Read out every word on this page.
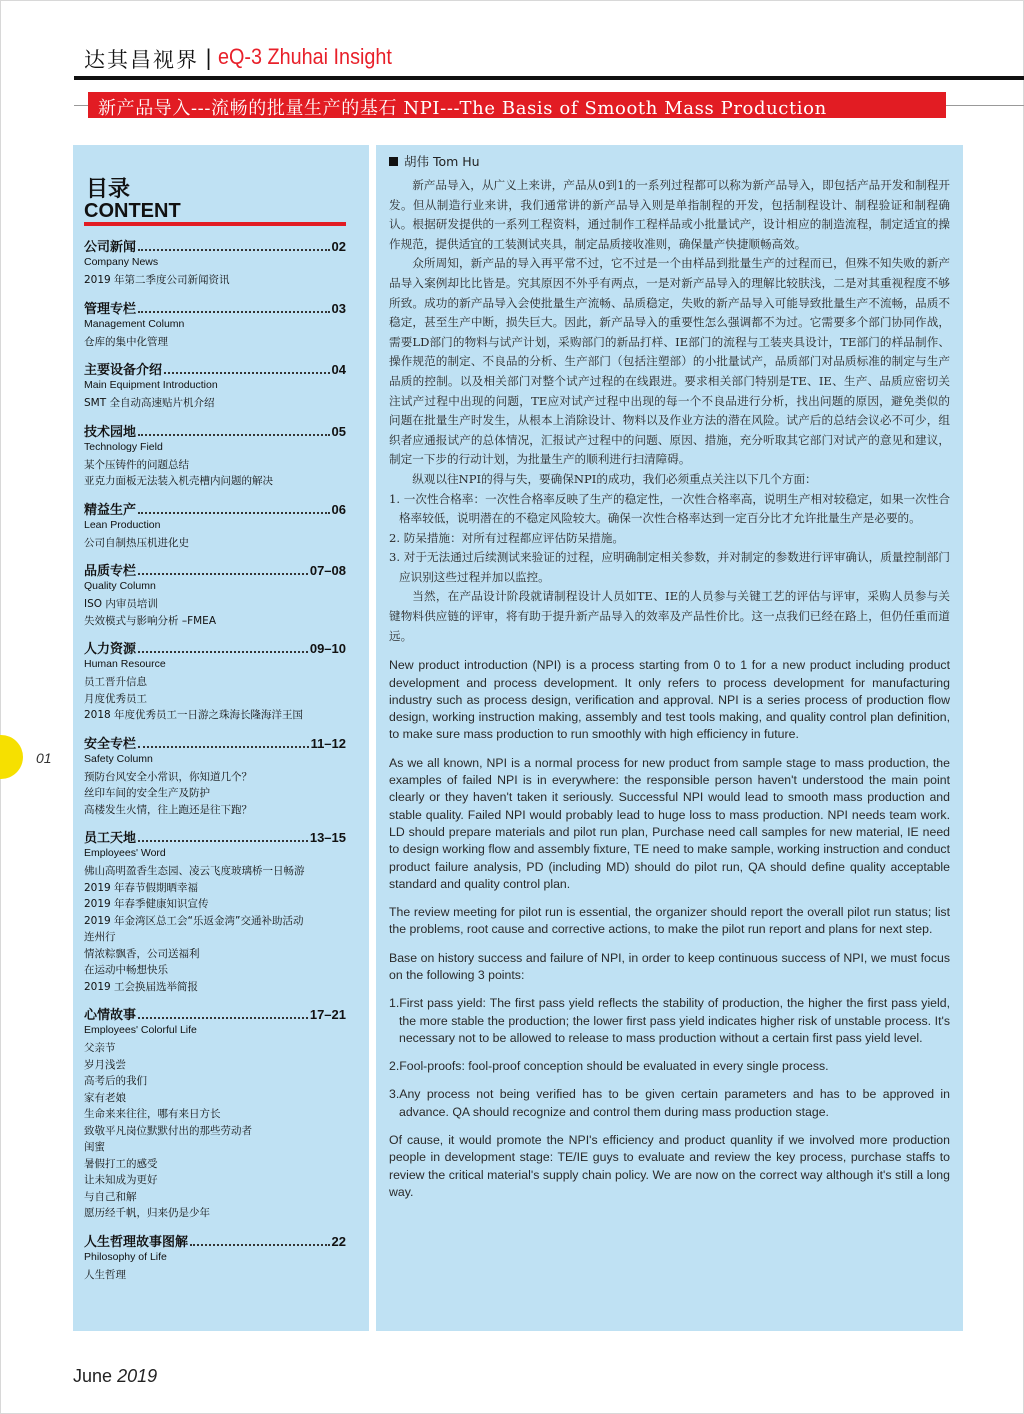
达其昌视界 | eQ-3 Zhuhai Insight
新产品导入---流畅的批量生产的基石 NPI---The Basis of Smooth Mass Production
目录
CONTENT
公司新闻	02
Company News
2019 年第二季度公司新闻资讯
管理专栏	03
Management Column
仓库的集中化管理
主要设备介绍	04
Main Equipment Introduction
SMT 全自动高速贴片机介绍
技术园地	05
Technology Field
某个压铸件的问题总结
亚克力面板无法装入机壳槽内问题的解决
精益生产	06
Lean Production
公司自制热压机进化史
品质专栏	07–08
Quality Column
ISO 内审员培训
失效模式与影响分析 –FMEA
人力资源	09–10
Human Resource
员工晋升信息
月度优秀员工
2018 年度优秀员工一日游之珠海长隆海洋王国
安全专栏	11–12
Safety Column
预防台风安全小常识，你知道几个？
丝印车间的安全生产及防护
高楼发生火情，往上跑还是往下跑？
员工天地	13–15
Employees' Word
佛山高明盈香生态园、凌云飞度玻璃桥一日畅游
2019 年春节假期晒幸福
2019 年春季健康知识宣传
2019 年金湾区总工会“乐返金湾”交通补助活动
连州行
情浓粽飘香，公司送福利
在运动中畅想快乐
2019 工会换届选举简报
心情故事	17–21
Employees' Colorful Life
父亲节
岁月浅尝
高考后的我们
家有老娘
生命来来往往，哪有来日方长
致敬平凡岗位默默付出的那些劳动者
闺蜜
暑假打工的感受
让未知成为更好
与自己和解
愿历经千帆，归来仍是少年
人生哲理故事图解	22
Philosophy of Life
人生哲理
01
胡伟 Tom Hu

新产品导入，从广义上来讲，产品从0到1的一系列过程都可以称为新产品导入，即包括产品开发和制程开发。但从制造行业来讲，我们通常讲的新产品导入则是单指制程的开发，包括制程设计、制程验证和制程确认。根据研发提供的一系列工程资料，通过制作工程样品或小批量试产，设计相应的制造流程，制定适宜的操作规范，提供适宜的工装测试夹具，制定品质接收准则，确保量产快捷顺畅高效。

众所周知，新产品的导入再平常不过，它不过是一个由样品到批量生产的过程而已，但殊不知失败的新产品导入案例却比比皆是。究其原因不外乎有两点，一是对新产品导入的理解比较肤浅，二是对其重视程度不够所致。成功的新产品导入会使批量生产流畅、品质稳定，失败的新产品导入可能导致批量生产不流畅，品质不稳定，甚至生产中断，损失巨大。因此，新产品导入的重要性怎么强调都不为过。它需要多个部门协同作战，需要LD部门的物料与试产计划，采购部门的新品打样、IE部门的流程与工装夹具设计，TE部门的样品制作、操作规范的制定、不良品的分析、生产部门（包括注塑部）的小批量试产，品质部门对品质标准的制定与生产品质的控制。以及相关部门对整个试产过程的在线跟进。要求相关部门特别是TE、IE、生产、品质应密切关注试产过程中出现的问题，TE应对试产过程中出现的每一个不良品进行分析，找出问题的原因，避免类似的问题在批量生产时发生，从根本上消除设计、物料以及作业方法的潜在风险。试产后的总结会议必不可少，组织者应通报试产的总体情况，汇报试产过程中的问题、原因、措施，充分听取其它部门对试产的意见和建议，制定一下步的行动计划，为批量生产的顺利进行扫清障碍。

纵观以往NPI的得与失，要确保NPI的成功，我们必须重点关注以下几个方面：

1. 一次性合格率：一次性合格率反映了生产的稳定性，一次性合格率高，说明生产相对较稳定，如果一次性合格率较低，说明潜在的不稳定风险较大。确保一次性合格率达到一定百分比才允许批量生产是必要的。

2. 防呆措施：对所有过程都应评估防呆措施。

3. 对于无法通过后续测试来验证的过程，应明确制定相关参数，并对制定的参数进行评审确认，质量控制部门应识别这些过程并加以监控。

当然，在产品设计阶段就请制程设计人员如TE、IE的人员参与关键工艺的评估与评审，采购人员参与关键物料供应链的评审，将有助于提升新产品导入的效率及产品性价比。这一点我们已经在路上，但仍任重而道远。

New product introduction (NPI) is a process starting from 0 to 1 for a new product including product development and process development. It only refers to process development for manufacturing industry such as process design, verification and approval. NPI is a series process of production flow design, working instruction making, assembly and test tools making, and quality control plan definition, to make sure mass production to run smoothly with high efficiency in future.

As we all known, NPI is a normal process for new product from sample stage to mass production, the examples of failed NPI is in everywhere: the responsible person haven't understood the main point clearly or they haven't taken it seriously. Successful NPI would lead to smooth mass production and stable quality. Failed NPI would probably lead to huge loss to mass production. NPI needs team work. LD should prepare materials and pilot run plan, Purchase need call samples for new material, IE need to design working flow and assembly fixture, TE need to make sample, working instruction and conduct product failure analysis, PD (including MD) should do pilot run, QA should define quality acceptable standard and quality control plan.

The review meeting for pilot run is essential, the organizer should report the overall pilot run status; list the problems, root cause and corrective actions, to make the pilot run report and plans for next step.

Base on history success and failure of NPI, in order to keep continuous success of NPI, we must focus on the following 3 points:

1.First pass yield: The first pass yield reflects the stability of production, the higher the first pass yield, the more stable the production; the lower first pass yield indicates higher risk of unstable process. It's necessary not to be allowed to release to mass production without a certain first pass yield level.

2.Fool-proofs: fool-proof conception should be evaluated in every single process.

3.Any process not being verified has to be given certain parameters and has to be approved in advance. QA should recognize and control them during mass production stage.

Of cause, it would promote the NPI's efficiency and product quanlity if we involved more production people in development stage: TE/IE guys to evaluate and review the key process, purchase staffs to review the critical material's supply chain policy. We are now on the correct way although it's still a long way.

June 2019
